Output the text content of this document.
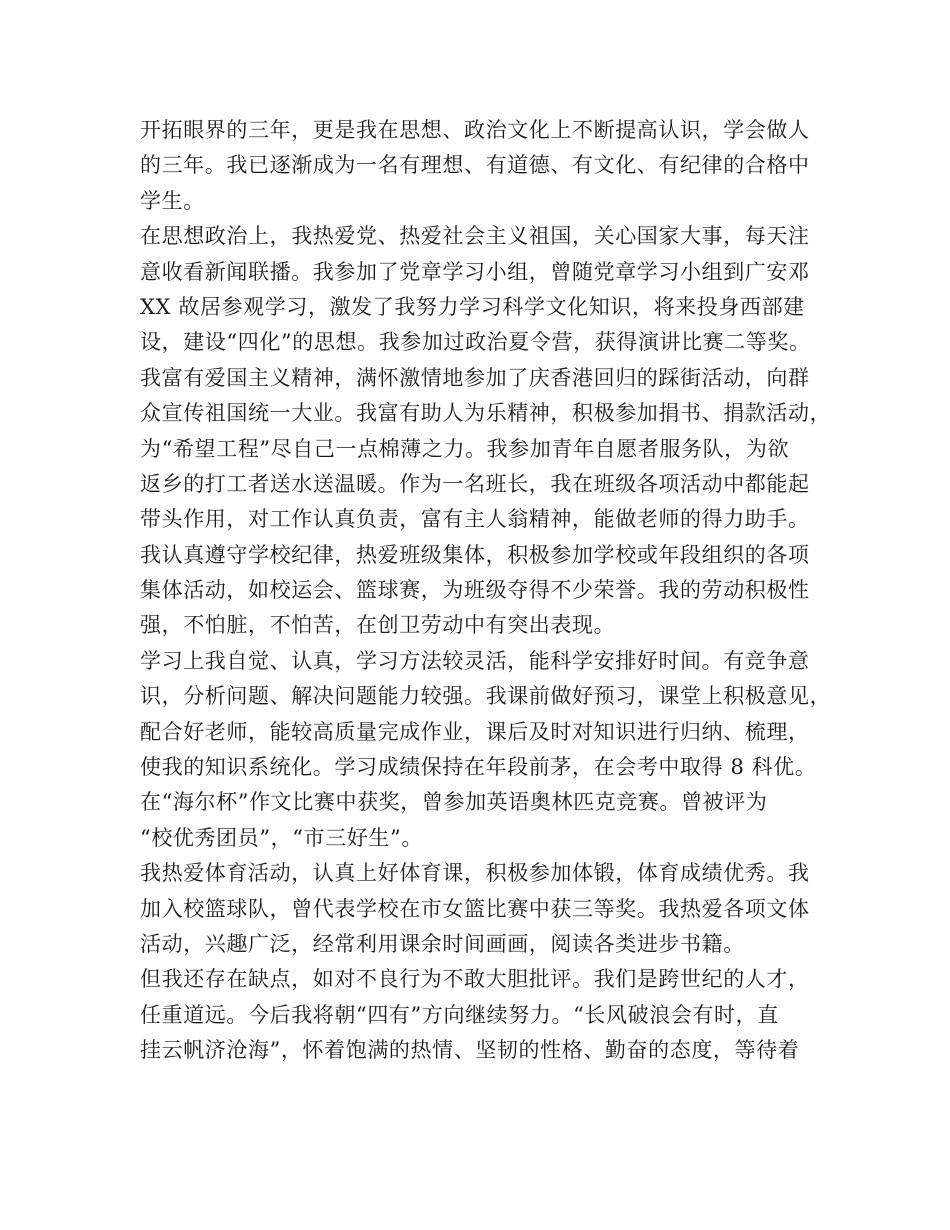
开拓眼界的三年，更是我在思想、政治文化上不断提高认识，学会做人
的三年。我已逐渐成为一名有理想、有道德、有文化、有纪律的合格中
学生。
在思想政治上，我热爱党、热爱社会主义祖国，关心国家大事，每天注
意收看新闻联播。我参加了党章学习小组，曾随党章学习小组到广安邓
XX 故居参观学习，激发了我努力学习科学文化知识，将来投身西部建
设，建设“四化”的思想。我参加过政治夏令营，获得演讲比赛二等奖。
我富有爱国主义精神，满怀激情地参加了庆香港回归的踩街活动，向群
众宣传祖国统一大业。我富有助人为乐精神，积极参加捐书、捐款活动，
为“希望工程”尽自己一点棉薄之力。我参加青年自愿者服务队，为欲
返乡的打工者送水送温暖。作为一名班长，我在班级各项活动中都能起
带头作用，对工作认真负责，富有主人翁精神，能做老师的得力助手。
我认真遵守学校纪律，热爱班级集体，积极参加学校或年段组织的各项
集体活动，如校运会、篮球赛，为班级夺得不少荣誉。我的劳动积极性
强，不怕脏，不怕苦，在创卫劳动中有突出表现。
学习上我自觉、认真，学习方法较灵活，能科学安排好时间。有竞争意
识，分析问题、解决问题能力较强。我课前做好预习，课堂上积极意见，
配合好老师，能较高质量完成作业，课后及时对知识进行归纳、梳理，
使我的知识系统化。学习成绩保持在年段前茅，在会考中取得 8 科优。
在“海尔杯”作文比赛中获奖，曾参加英语奥林匹克竞赛。曾被评为
“校优秀团员”，“市三好生”。
我热爱体育活动，认真上好体育课，积极参加体锻，体育成绩优秀。我
加入校篮球队，曾代表学校在市女篮比赛中获三等奖。我热爱各项文体
活动，兴趣广泛，经常利用课余时间画画，阅读各类进步书籍。
但我还存在缺点，如对不良行为不敢大胆批评。我们是跨世纪的人才，
任重道远。今后我将朝“四有”方向继续努力。“长风破浪会有时，直
挂云帆济沧海”，怀着饱满的热情、坚韧的性格、勤奋的态度，等待着
